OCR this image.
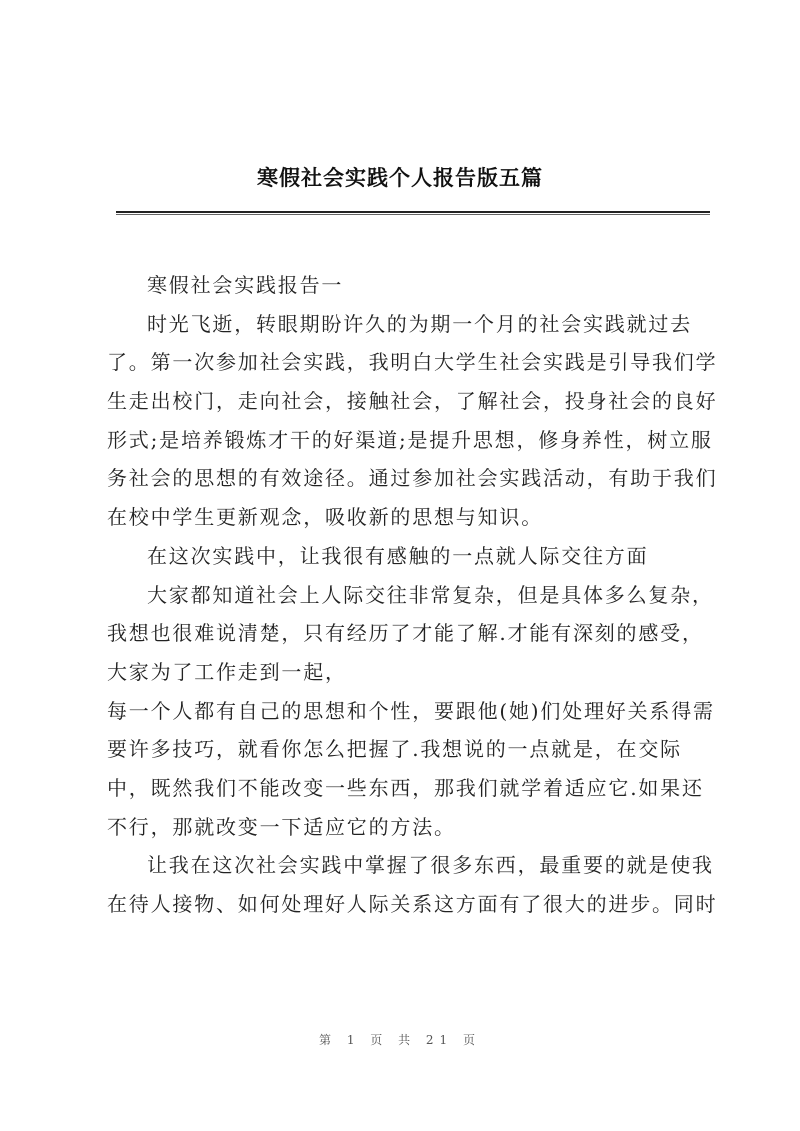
寒假社会实践个人报告版五篇
寒假社会实践报告一
时光飞逝，转眼期盼许久的为期一个月的社会实践就过去
了。第一次参加社会实践，我明白大学生社会实践是引导我们学
生走出校门，走向社会，接触社会，了解社会，投身社会的良好
形式;是培养锻炼才干的好渠道;是提升思想，修身养性，树立服
务社会的思想的有效途径。通过参加社会实践活动，有助于我们
在校中学生更新观念，吸收新的思想与知识。
在这次实践中，让我很有感触的一点就人际交往方面
大家都知道社会上人际交往非常复杂，但是具体多么复杂，
我想也很难说清楚，只有经历了才能了解.才能有深刻的感受，
大家为了工作走到一起，
每一个人都有自己的思想和个性，要跟他(她)们处理好关系得需
要许多技巧，就看你怎么把握了.我想说的一点就是，在交际
中，既然我们不能改变一些东西，那我们就学着适应它.如果还
不行，那就改变一下适应它的方法。
让我在这次社会实践中掌握了很多东西，最重要的就是使我
在待人接物、如何处理好人际关系这方面有了很大的进步。同时
第 1 页 共 21 页
